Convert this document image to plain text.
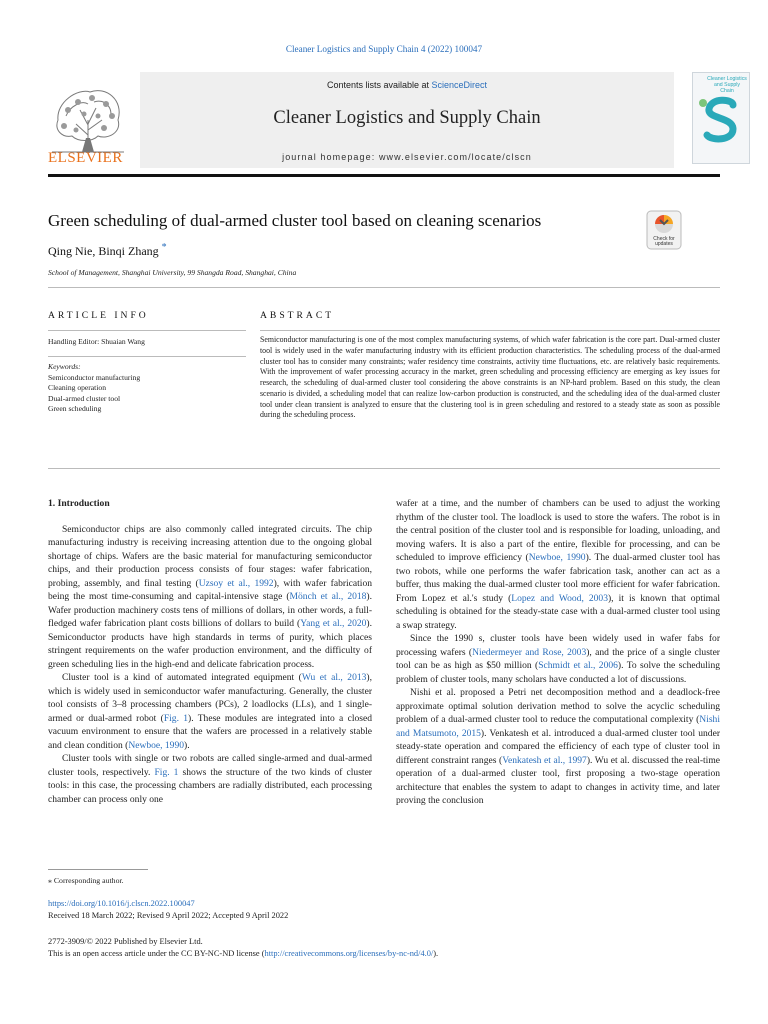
Cleaner Logistics and Supply Chain 4 (2022) 100047
ELSEVIER
Contents lists available at ScienceDirect
Cleaner Logistics and Supply Chain
journal homepage: www.elsevier.com/locate/clscn
Cleaner Logistics and Supply Chain
Green scheduling of dual-armed cluster tool based on cleaning scenarios
Check for
updates
Qing Nie, Binqi Zhang *
School of Management, Shanghai University, 99 Shangda Road, Shanghai, China
ARTICLE INFO	ABSTRACT
Handling Editor: Shuaian Wang
Keywords:
Semiconductor manufacturing
Cleaning operation
Dual-armed cluster tool
Green scheduling
Semiconductor manufacturing is one of the most complex manufacturing systems, of which wafer fabrication is the core part. Dual-armed cluster tool is widely used in the wafer manufacturing industry with its efficient production characteristics. The scheduling process of the dual-armed cluster tool has to consider many constraints; wafer residency time constraints, activity time fluctuations, etc. are relatively basic requirements. With the improvement of wafer processing accuracy in the market, green scheduling and processing efficiency are emerging as key issues for research, the scheduling of dual-armed cluster tool considering the above constraints is an NP-hard problem. Based on this study, the clean scenario is divided, a scheduling model that can realize low-carbon production is constructed, and the scheduling idea of the dual-armed cluster tool under clean transient is analyzed to ensure that the clustering tool is in green scheduling and restored to a steady state as soon as possible during the scheduling process.
1. Introduction

Semiconductor chips are also commonly called integrated circuits. The chip manufacturing industry is receiving increasing attention due to the ongoing global shortage of chips. Wafers are the basic material for manufacturing semiconductor chips, and their production process consists of four stages: wafer fabrication, probing, assembly, and final testing (Uzsoy et al., 1992), with wafer fabrication being the most time-consuming and capital-intensive stage (Mönch et al., 2018). Wafer production machinery costs tens of millions of dollars, in other words, a full-fledged wafer fabrication plant costs billions of dollars to build (Yang et al., 2020). Semiconductor products have high standards in terms of purity, which places stringent requirements on the wafer production environment, and the difficulty of green scheduling lies in the high-end and delicate fabrication process.

Cluster tool is a kind of automated integrated equipment (Wu et al., 2013), which is widely used in semiconductor wafer manufacturing. Generally, the cluster tool consists of 3–8 processing chambers (PCs), 2 loadlocks (LLs), and 1 single-armed or dual-armed robot (Fig. 1). These modules are integrated into a closed vacuum environment to ensure that the wafers are processed in a relatively stable and clean condition (Newboe, 1990).

Cluster tools with single or two robots are called single-armed and dual-armed cluster tools, respectively. Fig. 1 shows the structure of the two kinds of cluster tools: in this case, the processing chambers are radially distributed, each processing chamber can process only one

wafer at a time, and the number of chambers can be used to adjust the working rhythm of the cluster tool. The loadlock is used to store the wafers. The robot is in the central position of the cluster tool and is responsible for loading, unloading, and moving wafers. It is also a part of the entire, flexible for processing, and can be scheduled to improve efficiency (Newboe, 1990). The dual-armed cluster tool has two robots, while one performs the wafer fabrication task, another can act as a buffer, thus making the dual-armed cluster tool more efficient for wafer fabrication. From Lopez et al.'s study (Lopez and Wood, 2003), it is known that optimal scheduling is obtained for the steady-state case with a dual-armed cluster tool using a swap strategy.

Since the 1990 s, cluster tools have been widely used in wafer fabs for processing wafers (Niedermeyer and Rose, 2003), and the price of a single cluster tool can be as high as $50 million (Schmidt et al., 2006). To solve the scheduling problem of cluster tools, many scholars have conducted a lot of discussions.

Nishi et al. proposed a Petri net decomposition method and a deadlock-free approximate optimal solution derivation method to solve the acyclic scheduling problem of a dual-armed cluster tool to reduce the computational complexity (Nishi and Matsumoto, 2015). Venkatesh et al. introduced a dual-armed cluster tool under steady-state operation and compared the efficiency of each type of cluster tool in different constraint ranges (Venkatesh et al., 1997). Wu et al. discussed the real-time operation of a dual-armed cluster tool, first proposing a two-stage operation architecture that enables the system to adapt to changes in activity time, and later proving the conclusion

⁎ Corresponding author.
https://doi.org/10.1016/j.clscn.2022.100047
Received 18 March 2022; Revised 9 April 2022; Accepted 9 April 2022
2772-3909/© 2022 Published by Elsevier Ltd.
This is an open access article under the CC BY-NC-ND license (http://creativecommons.org/licenses/by-nc-nd/4.0/).
